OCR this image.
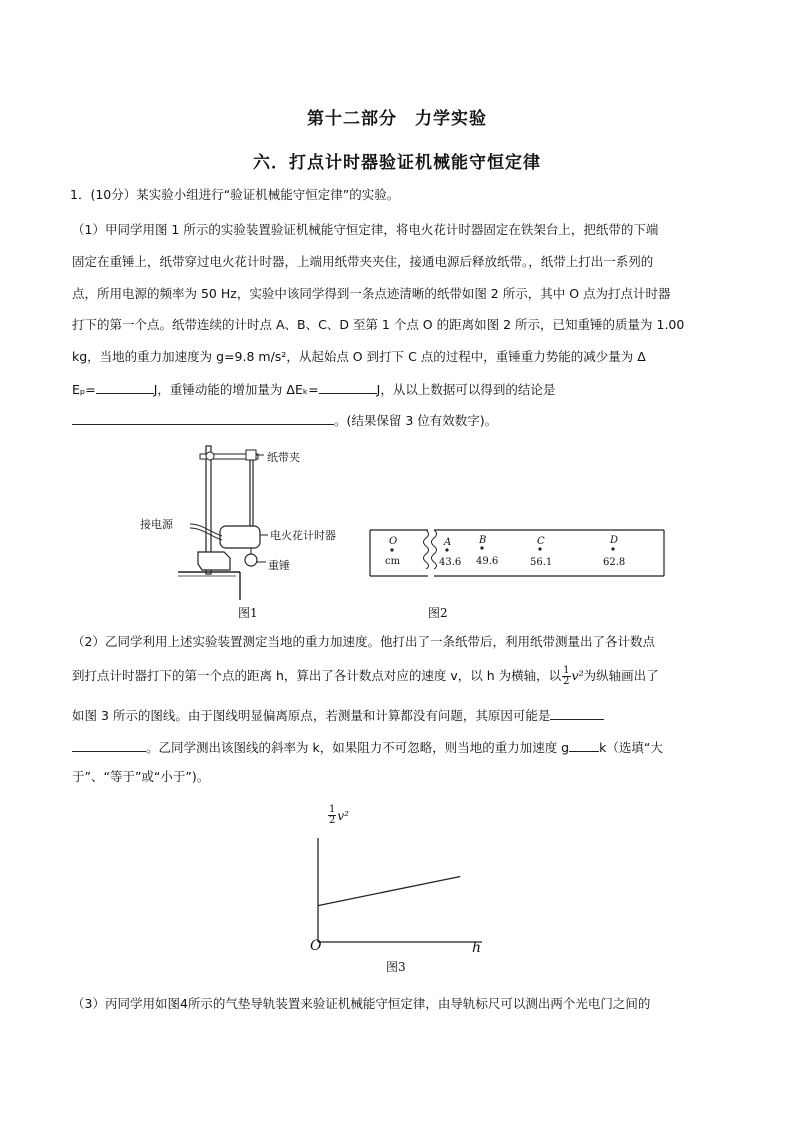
第十二部分　力学实验
六．打点计时器验证机械能守恒定律
1．(10分）某实验小组进行“验证机械能守恒定律”的实验。
（1）甲同学用图 1 所示的实验装置验证机械能守恒定律，将电火花计时器固定在铁架台上，把纸带的下端
固定在重锤上，纸带穿过电火花计时器，上端用纸带夹夹住，接通电源后释放纸带。，纸带上打出一系列的
点，所用电源的频率为 50 Hz，实验中该同学得到一条点迹清晰的纸带如图 2 所示，其中 O 点为打点计时器
打下的第一个点。纸带连续的计时点 A、B、C、D 至第 1 个点 O 的距离如图 2 所示，已知重锤的质量为 1.00
kg，当地的重力加速度为 g=9.8 m/s²，从起始点 O 到打下 C 点的过程中，重锤重力势能的减少量为 Δ
Eₚ=	J，重锤动能的增加量为 ΔEₖ=	J，从以上数据可以得到的结论是
。(结果保留 3 位有效数字)。
纸带夹
接电源
电火花计时器
重锤
图1
O
cm
A
43.6
B
49.6
C
56.1
D
62.8
图2
（2）乙同学利用上述实验装置测定当地的重力加速度。他打出了一条纸带后，利用纸带测量出了各计数点
到打点计时器打下的第一个点的距离 h，算出了各计数点对应的速度 v，以 h 为横轴，以 $\frac{1}{2} v^2$为纵轴画出了
如图 3 所示的图线。由于图线明显偏离原点，若测量和计算都没有问题，其原因可能是
。乙同学测出该图线的斜率为 k，如果阻力不可忽略，则当地的重力加速度 g k（选填“大
于”、“等于”或“小于”)。
$\frac{1}{2} v^2$
O	h
图3
（3）丙同学用如图4所示的气垫导轨装置来验证机械能守恒定律，由导轨标尺可以测出两个光电门之间的
